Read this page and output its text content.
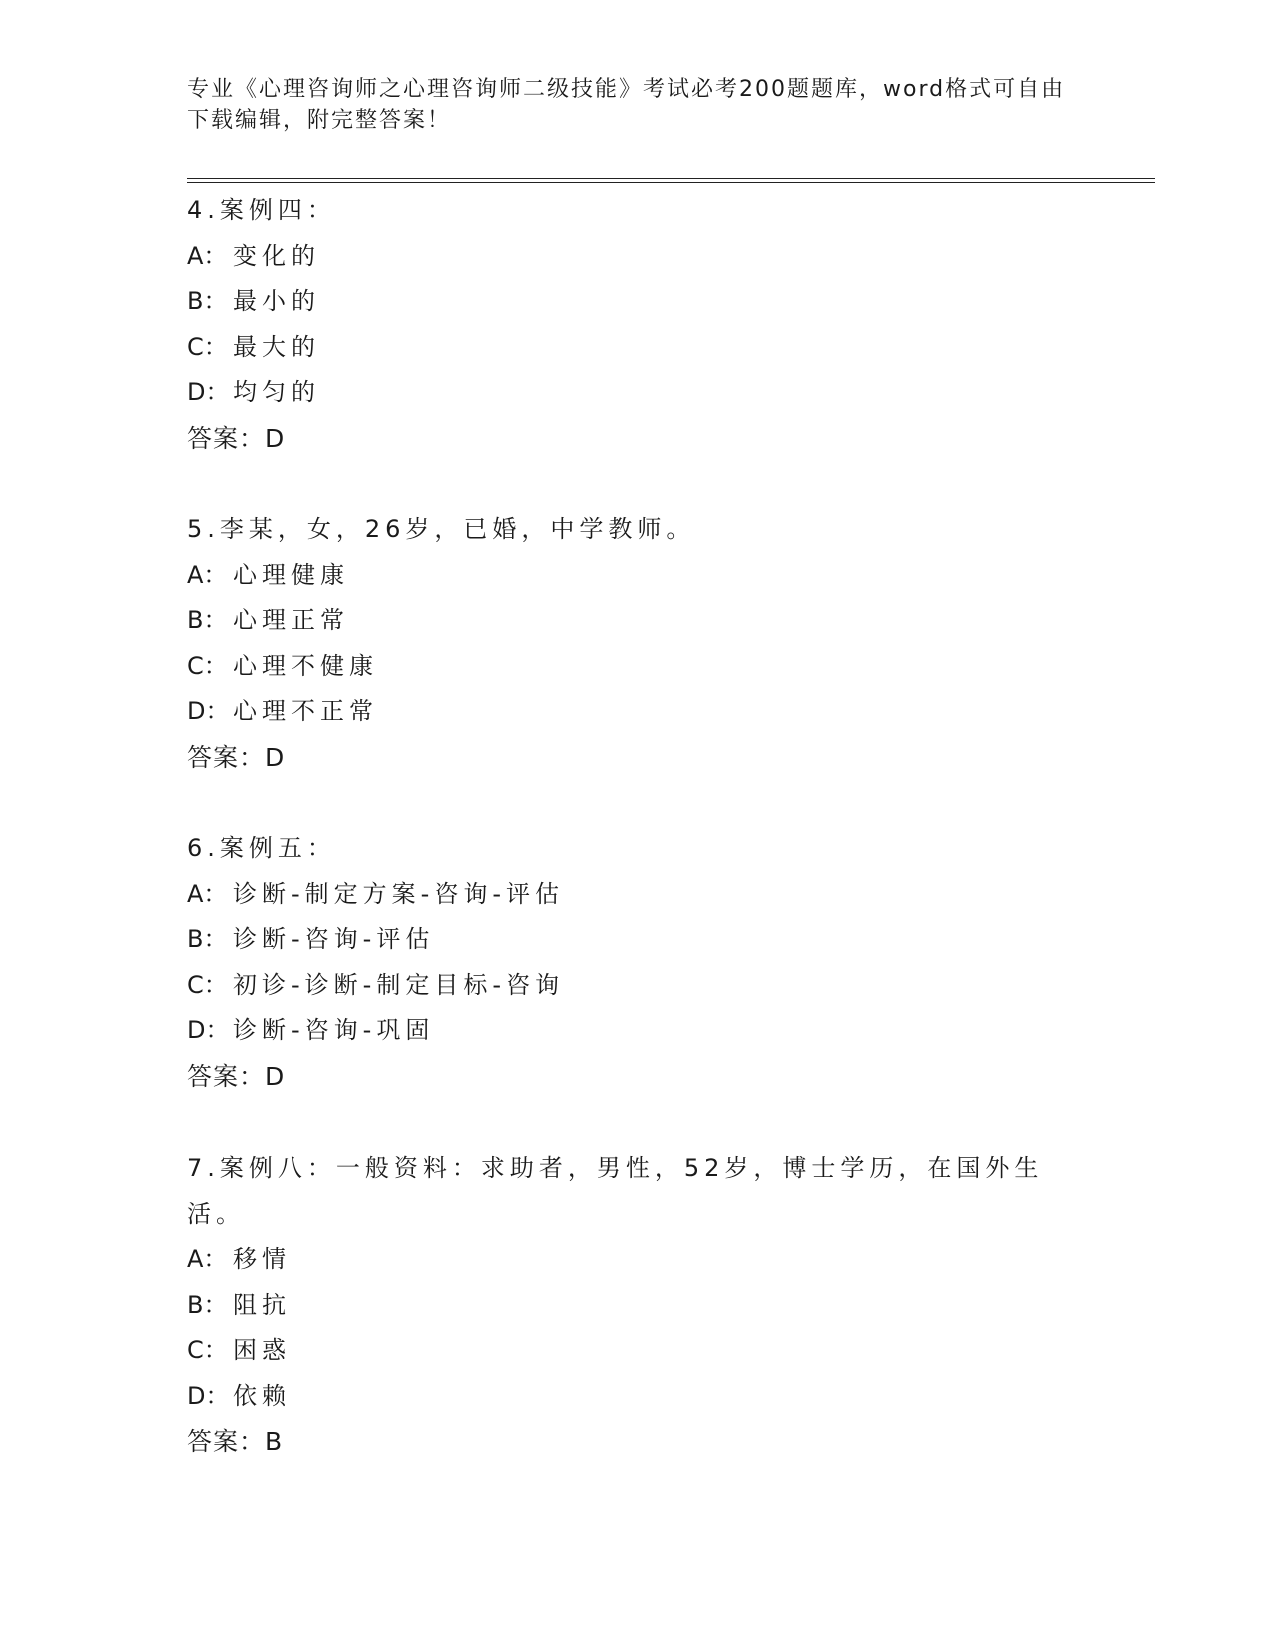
专业《心理咨询师之心理咨询师二级技能》考试必考200题题库，word格式可自由下载编辑，附完整答案！
4.案例四：
A： 变化的
B： 最小的
C： 最大的
D： 均匀的
答案：D
5.李某，女，26岁，已婚，中学教师。
A： 心理健康
B： 心理正常
C： 心理不健康
D： 心理不正常
答案：D
6.案例五：
A： 诊断-制定方案-咨询-评估
B： 诊断-咨询-评估
C： 初诊-诊断-制定目标-咨询
D： 诊断-咨询-巩固
答案：D
7.案例八：一般资料：求助者，男性，52岁，博士学历，在国外生活。
A： 移情
B： 阻抗
C： 困惑
D： 依赖
答案：B
